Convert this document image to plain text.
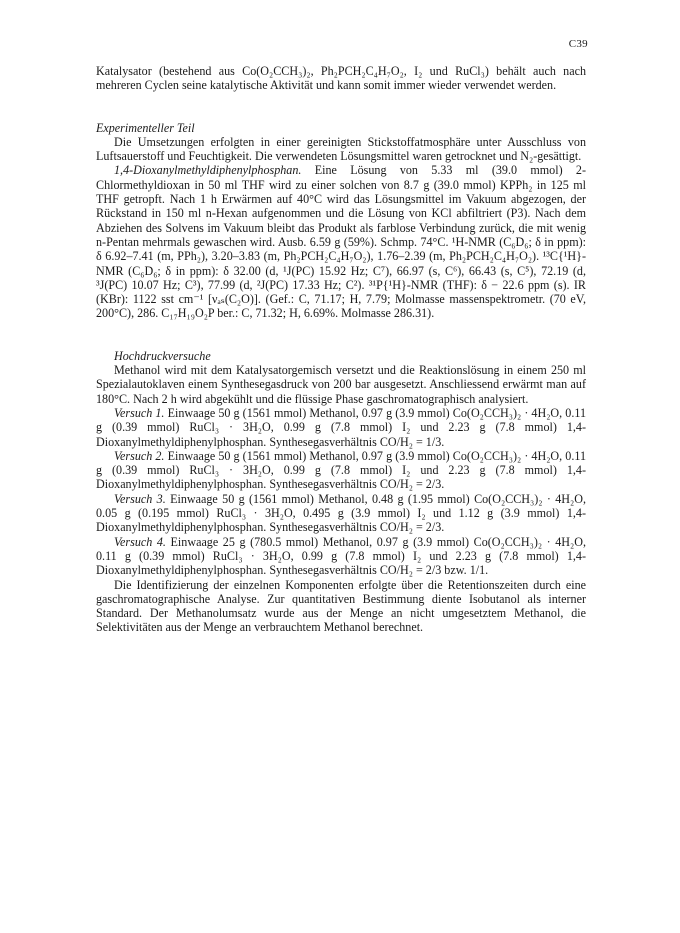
C39

Katalysator (bestehend aus Co(O₂CCH₃)₂, Ph₂PCH₂C₄H₇O₂, I₂ und RuCl₃) behält auch nach mehreren Cyclen seine katalytische Aktivität und kann somit immer wieder verwendet werden.

Experimenteller Teil

Die Umsetzungen erfolgten in einer gereinigten Stickstoffatmosphäre unter Ausschluss von Luftsauerstoff und Feuchtigkeit. Die verwendeten Lösungsmittel waren getrocknet und N₂-gesättigt.

1,4-Dioxanylmethyldiphenylphosphan. Eine Lösung von 5.33 ml (39.0 mmol) 2-Chlormethyldioxan in 50 ml THF wird zu einer solchen von 8.7 g (39.0 mmol) KPPh₂ in 125 ml THF getropft. Nach 1 h Erwärmen auf 40°C wird das Lösungsmittel im Vakuum abgezogen, der Rückstand in 150 ml n-Hexan aufgenommen und die Lösung von KCl abfiltriert (P3). Nach dem Abziehen des Solvens im Vakuum bleibt das Produkt als farblose Verbindung zurück, die mit wenig n-Pentan mehrmals gewaschen wird. Ausb. 6.59 g (59%). Schmp. 74°C. ¹H-NMR (C₆D₆; δ in ppm): δ 6.92–7.41 (m, PPh₂), 3.20–3.83 (m, Ph₂PCH₂C₄H₇O₂), 1.76–2.39 (m, Ph₂PCH₂C₄H₇O₂). ¹³C{¹H}-NMR (C₆D₆; δ in ppm): δ 32.00 (d, ¹J(PC) 15.92 Hz; C⁷), 66.97 (s, C⁶), 66.43 (s, C⁵), 72.19 (d, ³J(PC) 10.07 Hz; C³), 77.99 (d, ²J(PC) 17.33 Hz; C²). ³¹P{¹H}-NMR (THF): δ − 22.6 ppm (s). IR (KBr): 1122 sst cm⁻¹ [νₐₛ(C₂O)]. (Gef.: C, 71.17; H, 7.79; Molmasse massenspektrometr. (70 eV, 200°C), 286. C₁₇H₁₉O₂P ber.: C, 71.32; H, 6.69%. Molmasse 286.31).

Hochdruckversuche

Methanol wird mit dem Katalysatorgemisch versetzt und die Reaktionslösung in einem 250 ml Spezialautoklaven einem Synthesegasdruck von 200 bar ausgesetzt. Anschliessend erwärmt man auf 180°C. Nach 2 h wird abgekühlt und die flüssige Phase gaschromatographisch analysiert.

Versuch 1. Einwaage 50 g (1561 mmol) Methanol, 0.97 g (3.9 mmol) Co(O₂CCH₃)₂ · 4H₂O, 0.11 g (0.39 mmol) RuCl₃ · 3H₂O, 0.99 g (7.8 mmol) I₂ und 2.23 g (7.8 mmol) 1,4-Dioxanylmethyldiphenylphosphan. Synthesegasverhältnis CO/H₂ = 1/3.

Versuch 2. Einwaage 50 g (1561 mmol) Methanol, 0.97 g (3.9 mmol) Co(O₂CCH₃)₂ · 4H₂O, 0.11 g (0.39 mmol) RuCl₃ · 3H₂O, 0.99 g (7.8 mmol) I₂ und 2.23 g (7.8 mmol) 1,4-Dioxanylmethyldiphenylphosphan. Synthesegasverhältnis CO/H₂ = 2/3.

Versuch 3. Einwaage 50 g (1561 mmol) Methanol, 0.48 g (1.95 mmol) Co(O₂CCH₃)₂ · 4H₂O, 0.05 g (0.195 mmol) RuCl₃ · 3H₂O, 0.495 g (3.9 mmol) I₂ und 1.12 g (3.9 mmol) 1,4-Dioxanylmethyldiphenylphosphan. Synthesegasverhältnis CO/H₂ = 2/3.

Versuch 4. Einwaage 25 g (780.5 mmol) Methanol, 0.97 g (3.9 mmol) Co(O₂CCH₃)₂ · 4H₂O, 0.11 g (0.39 mmol) RuCl₃ · 3H₂O, 0.99 g (7.8 mmol) I₂ und 2.23 g (7.8 mmol) 1,4-Dioxanylmethyldiphenylphosphan. Synthesegasverhältnis CO/H₂ = 2/3 bzw. 1/1.

Die Identifizierung der einzelnen Komponenten erfolgte über die Retentionszeiten durch eine gaschromatographische Analyse. Zur quantitativen Bestimmung diente Isobutanol als interner Standard. Der Methanolumsatz wurde aus der Menge an nicht umgesetztem Methanol, die Selektivitäten aus der Menge an verbrauchtem Methanol berechnet.
